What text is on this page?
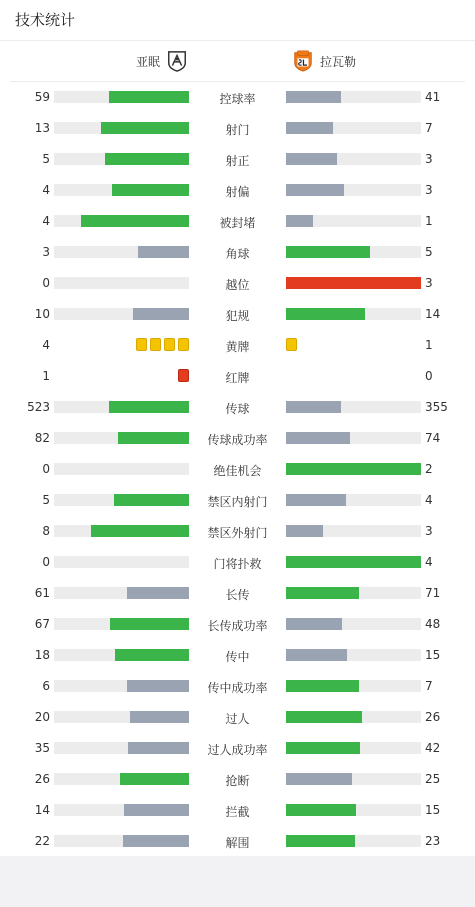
技术统计
亚眠	拉瓦勒
59	控球率	41
13	射门	7
5	射正	3
4	射偏	3
4	被封堵	1
3	角球	5
0	越位	3
10	犯规	14
4	黄牌	1
1	红牌	0
523	传球	355
82	传球成功率	74
0	绝佳机会	2
5	禁区内射门	4
8	禁区外射门	3
0	门将扑救	4
61	长传	71
67	长传成功率	48
18	传中	15
6	传中成功率	7
20	过人	26
35	过人成功率	42
26	抢断	25
14	拦截	15
22	解围	23
